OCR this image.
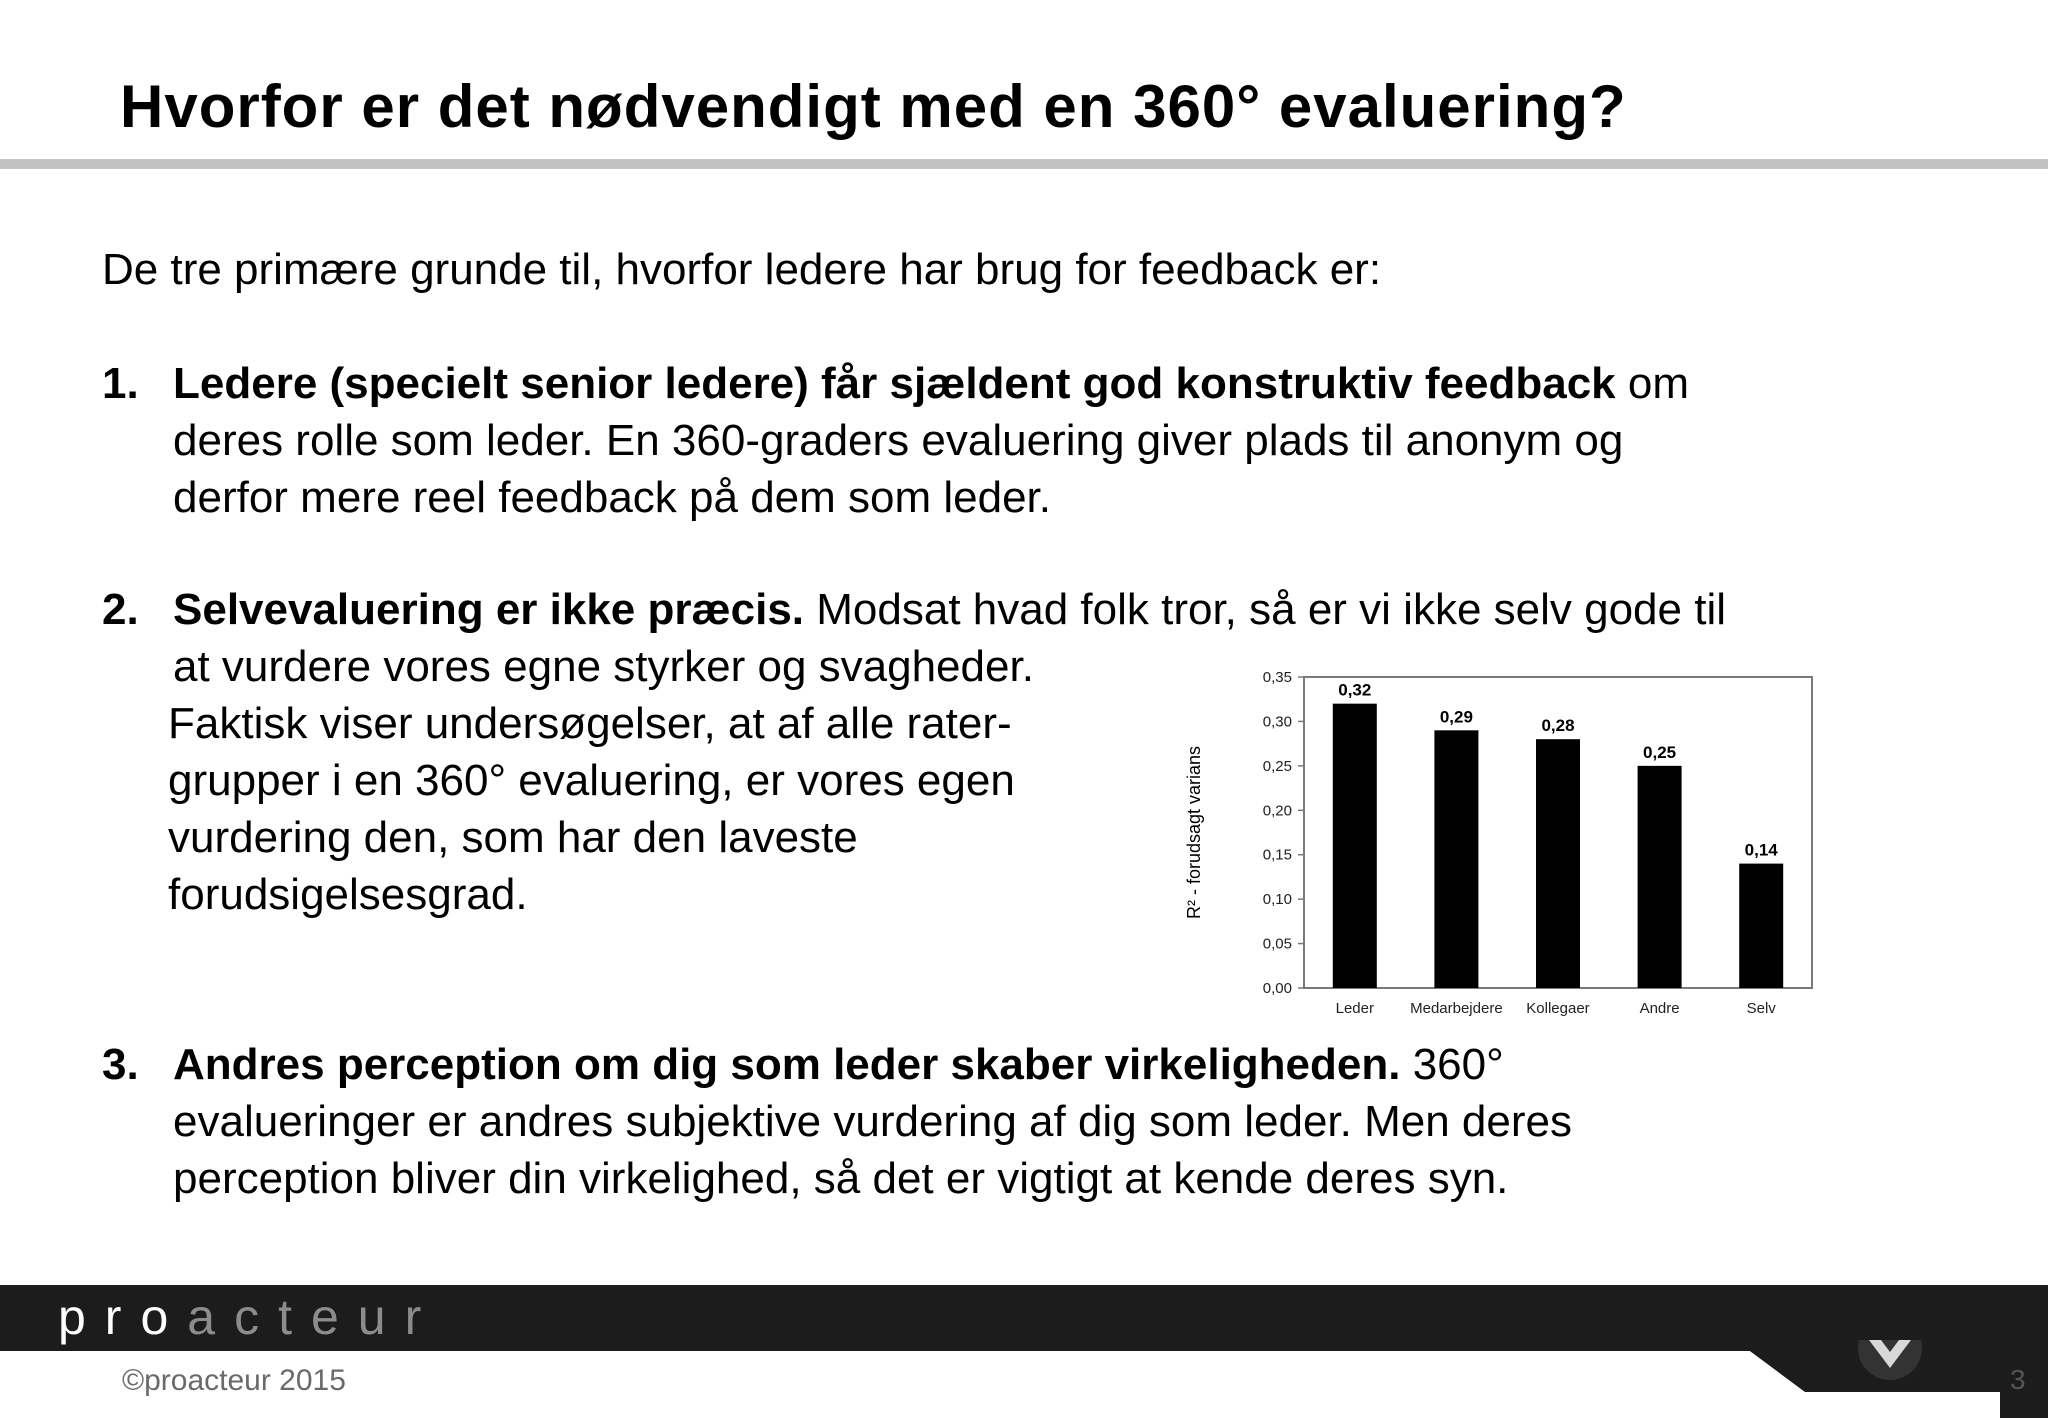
Hvorfor er det nødvendigt med en 360° evaluering?

De tre primære grunde til, hvorfor ledere har brug for feedback er:

1. Ledere (specielt senior ledere) får sjældent god konstruktiv feedback om
deres rolle som leder. En 360-graders evaluering giver plads til anonym og
derfor mere reel feedback på dem som leder.
2. Selvevaluering er ikke præcis. Modsat hvad folk tror, så er vi ikke selv gode til
at vurdere vores egne styrker og svagheder.
Faktisk viser undersøgelser, at af alle rater-
grupper i en 360° evaluering, er vores egen
vurdering den, som har den laveste
forudsigelsesgrad.
3. Andres perception om dig som leder skaber virkeligheden. 360°
evalueringer er andres subjektive vurdering af dig som leder. Men deres
perception bliver din virkelighed, så det er vigtigt at kende deres syn.
0,00
0,05
0,10
0,15
0,20
0,25
0,30
0,35
0,32
Leder
0,29
Medarbejdere
0,28
Kollegaer
0,25
Andre
0,14
Selv
R² - forudsagt varians
proacteur
©proacteur 2015	3
